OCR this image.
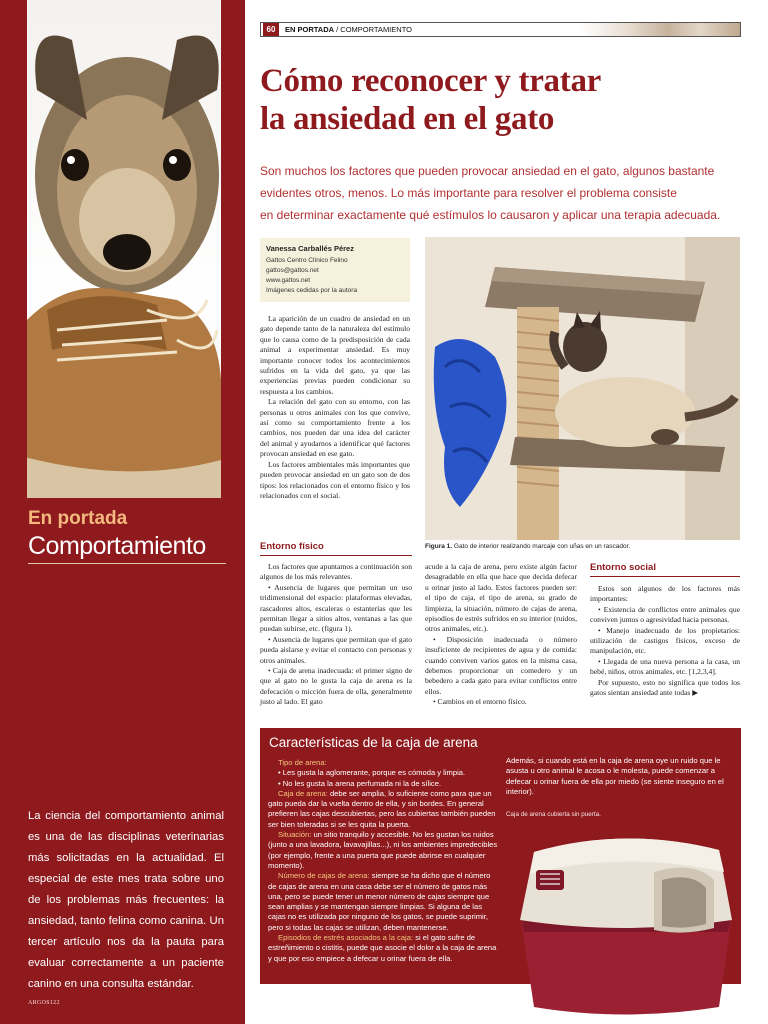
En portada
Comportamiento
La ciencia del comportamiento animal es una de las disciplinas veterinarias más solicitadas en la actualidad. El especial de este mes trata sobre uno de los problemas más frecuentes: la ansiedad, tanto felina como canina. Un tercer artículo nos da la pauta para evaluar correctamente a un paciente canino en una consulta estándar.
ARGOS122
60	EN PORTADA / COMPORTAMIENTO
Cómo reconocer y tratar
la ansiedad en el gato
Son muchos los factores que pueden provocar ansiedad en el gato, algunos bastante
evidentes otros, menos. Lo más importante para resolver el problema consiste
en determinar exactamente qué estímulos lo causaron y aplicar una terapia adecuada.
Vanessa Carballés Pérez
Gattos Centro Clínico Felino
gattos@gattos.net
www.gattos.net
Imágenes cedidas por la autora

La aparición de un cuadro de ansiedad en un gato depende tanto de la naturaleza del estímulo que lo causa como de la predisposición de cada animal a experimentar ansiedad. Es muy importante conocer todos los acontecimientos sufridos en la vida del gato, ya que las experiencias previas pueden condicionar su respuesta a los cambios.

La relación del gato con su entorno, con las personas u otros animales con los que convive, así como su comportamiento frente a los cambios, nos pueden dar una idea del carácter del animal y ayudarnos a identificar qué factores provocan ansiedad en ese gato.

Los factores ambientales más importantes que pueden provocar ansiedad en un gato son de dos tipos: los relacionados con el entorno físico y los relacionados con el social.

Figura 1. Gato de interior realizando marcaje con uñas en un rascador.
Entorno físico

Los factores que apuntamos a continuación son algunos de los más relevantes.

• Ausencia de lugares que permitan un uso tridimensional del espacio: plataformas elevadas, rascadores altos, escaleras o estanterías que les permitan llegar a sitios altos, ventanas a las que puedan subirse, etc. (figura 1).

• Ausencia de lugares que permitan que el gato pueda aislarse y evitar el contacto con personas y otros animales.

• Caja de arena inadecuada: el primer signo de que al gato no le gusta la caja de arena es la defecación o micción fuera de ella, generalmente justo al lado. El gato

acude a la caja de arena, pero existe algún factor desagradable en ella que hace que decida defecar u orinar justo al lado. Estos factores pueden ser: el tipo de caja, el tipo de arena, su grado de limpieza, la situación, número de cajas de arena, episodios de estrés sufridos en su interior (ruidos, otros animales, etc.).

• Disposición inadecuada o número insuficiente de recipientes de agua y de comida: cuando conviven varios gatos en la misma casa, debemos proporcionar un comedero y un bebedero a cada gato para evitar conflictos entre ellos.

• Cambios en el entorno físico.

Entorno social

Estos son algunos de los factores más importantes:

• Existencia de conflictos entre animales que conviven juntos o agresividad hacia personas.

• Manejo inadecuado de los propietarios: utilización de castigos físicos, exceso de manipulación, etc.

• Llegada de una nueva persona a la casa, un bebé, niños, otros animales, etc. [1,2,3,4].

Por supuesto, esto no significa que todos los gatos sientan ansiedad ante todas ▶

Características de la caja de arena
Tipo de arena:
• Les gusta la aglomerante, porque es cómoda y limpia.
• No les gusta la arena perfumada ni la de sílice.
Caja de arena: debe ser amplia, lo suficiente como para que un gato pueda dar la vuelta dentro de ella, y sin bordes. En general prefieren las cajas descubiertas, pero las cubiertas también pueden ser bien toleradas si se les quita la puerta.
Situación: un sitio tranquilo y accesible. No les gustan los ruidos (junto a una lavadora, lavavajillas...), ni los ambientes impredecibles (por ejemplo, frente a una puerta que puede abrirse en cualquier momento).
Número de cajas de arena: siempre se ha dicho que el número de cajas de arena en una casa debe ser el número de gatos más una, pero se puede tener un menor número de cajas siempre que sean amplias y se mantengan siempre limpias. Si alguna de las cajas no es utilizada por ninguno de los gatos, se puede suprimir, pero si todas las cajas se utilizan, deben mantenerse.
Episodios de estrés asociados a la caja: si el gato sufre de estreñimiento o cistitis, puede que asocie el dolor a la caja de arena y que por eso empiece a defecar u orinar fuera de ella.
Además, si cuando está en la caja de arena oye un ruido que le asusta u otro animal le acosa o le molesta, puede comenzar a defecar u orinar fuera de ella por miedo (se siente inseguro en el interior).
Caja de arena cubierta sin puerta.
